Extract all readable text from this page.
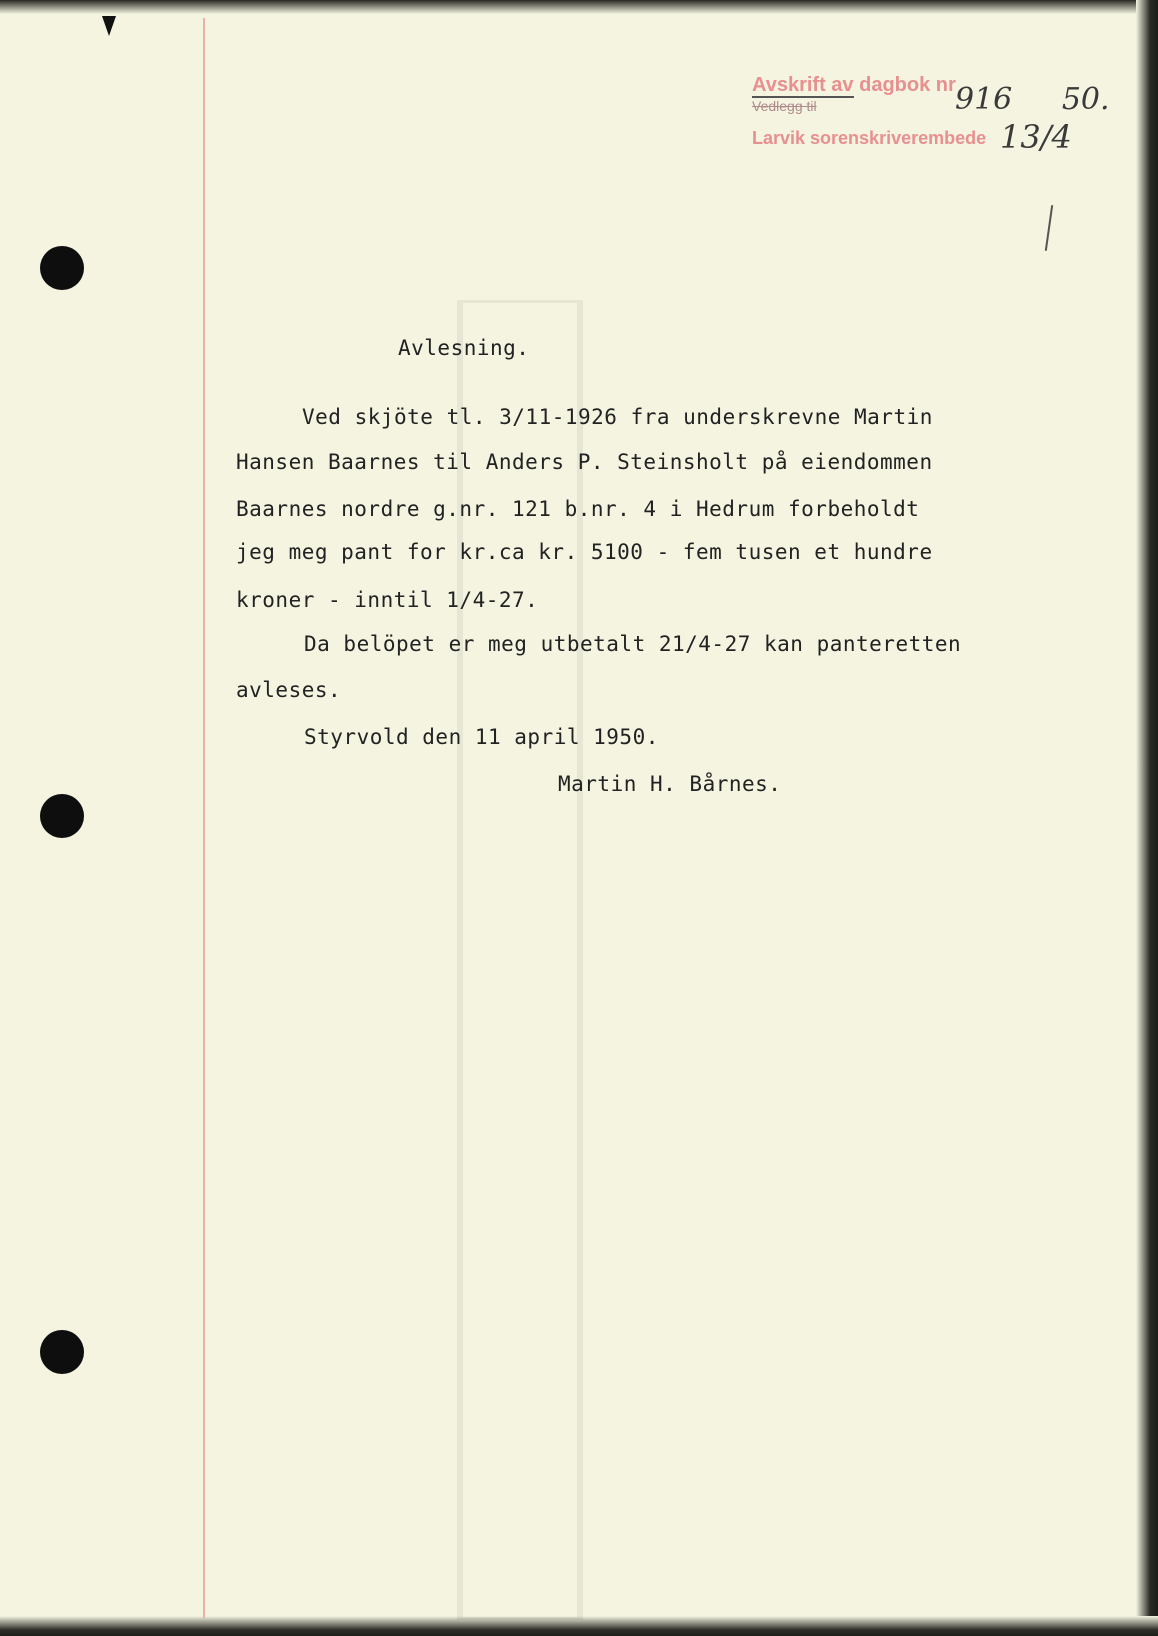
Avskrift av dagbok nr
Vedlegg til
Larvik sorenskriverembede
916 50.
13/4
Avlesning.
Ved skjöte tl. 3/11-1926 fra underskrevne Martin
Hansen Baarnes til Anders P. Steinsholt på eiendommen
Baarnes nordre g.nr. 121 b.nr. 4 i Hedrum forbeholdt
jeg meg pant for kr.ca kr. 5100 - fem tusen et hundre
kroner - inntil 1/4-27.
Da belöpet er meg utbetalt 21/4-27 kan panteretten
avleses.
Styrvold den 11 april 1950.
Martin H. Bårnes.
